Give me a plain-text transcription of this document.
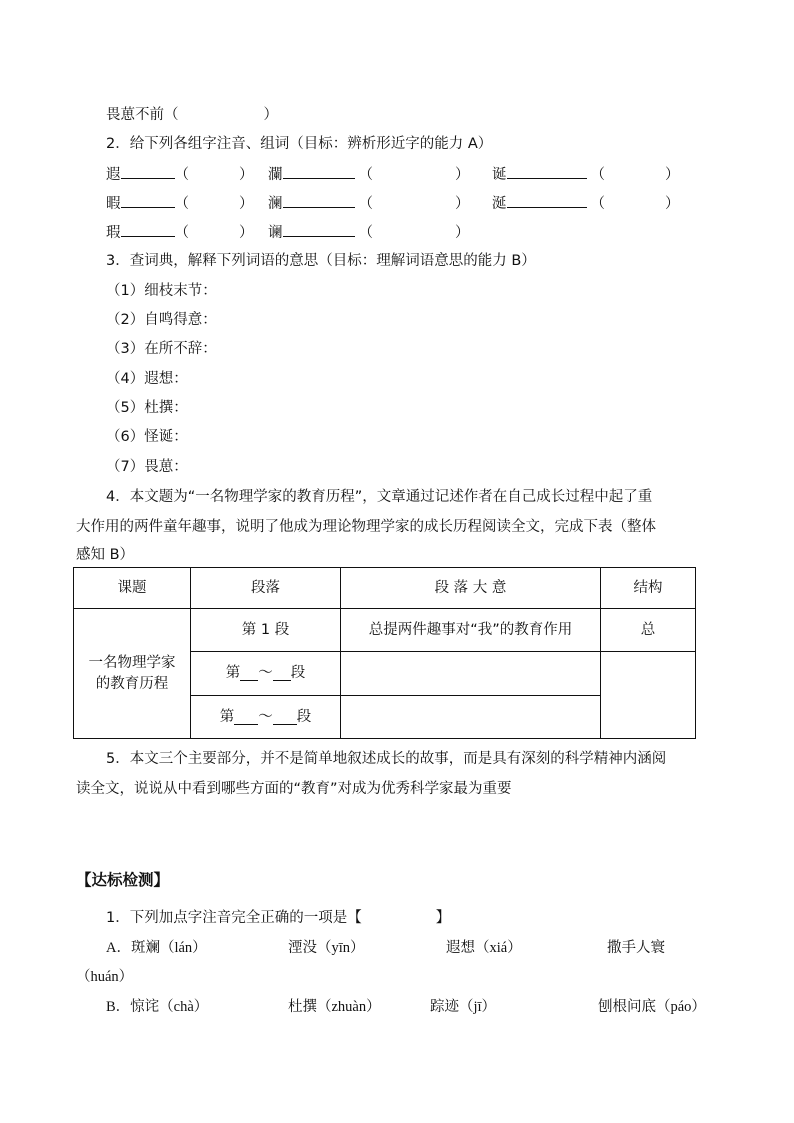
畏葸不前（	）
2．给下列各组字注音、组词（目标：辨析形近字的能力 A）
遐	（	） 瀾	（	） 诞	（	）
暇	（	） 澜	（	） 涎	（	）
瑕	（	） 谰	（	）
3．查词典，解释下列词语的意思（目标：理解词语意思的能力 B）
（1）细枝末节：
（2）自鸣得意：
（3）在所不辞：
（4）遐想：
（5）杜撰：
（6）怪诞：
（7）畏葸：
4．本文题为“一名物理学家的教育历程”，文章通过记述作者在自己成长过程中起了重
大作用的两件童年趣事，说明了他成为理论物理学家的成长历程阅读全文，完成下表（整体
感知 B）
课题	段落	段 落 大 意	结构
一名物理学家
的教育历程
第 1 段	总提两件趣事对“我”的教育作用	总
第 ～ 段
第 ～ 段
5．本文三个主要部分，并不是简单地叙述成长的故事，而是具有深刻的科学精神内涵阅
读全文，说说从中看到哪些方面的“教育”对成为优秀科学家最为重要
【达标检测】
1．下列加点字注音完全正确的一项是【	】
A．斑斓（lán）	湮没（yīn）	遐想（xiá）	撒手人寰
（huán）
B．惊诧（chà）	杜撰（zhuàn）	踪迹（jī）	刨根问底（páo）
